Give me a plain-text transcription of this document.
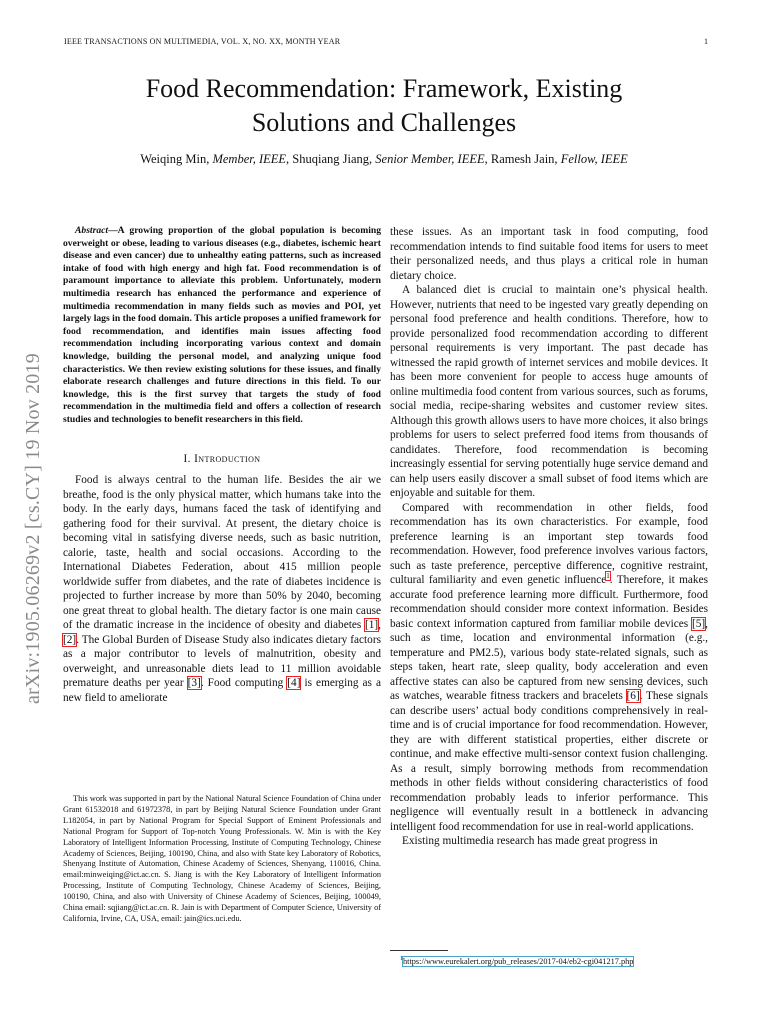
IEEE TRANSACTIONS ON MULTIMEDIA, VOL. X, NO. XX, MONTH YEAR	1
arXiv:1905.06269v2 [cs.CY] 19 Nov 2019
Food Recommendation: Framework, Existing
Solutions and Challenges
Weiqing Min, Member, IEEE, Shuqiang Jiang, Senior Member, IEEE, Ramesh Jain, Fellow, IEEE

Abstract—A growing proportion of the global population is becoming overweight or obese, leading to various diseases (e.g., diabetes, ischemic heart disease and even cancer) due to unhealthy eating patterns, such as increased intake of food with high energy and high fat. Food recommendation is of paramount importance to alleviate this problem. Unfortunately, modern multimedia research has enhanced the performance and experience of multimedia recommendation in many fields such as movies and POI, yet largely lags in the food domain. This article proposes a unified framework for food recommendation, and identifies main issues affecting food recommendation including incorporating various context and domain knowledge, building the personal model, and analyzing unique food characteristics. We then review existing solutions for these issues, and finally elaborate research challenges and future directions in this field. To our knowledge, this is the first survey that targets the study of food recommendation in the multimedia field and offers a collection of research studies and technologies to benefit researchers in this field.

I. Introduction

Food is always central to the human life. Besides the air we breathe, food is the only physical matter, which humans take into the body. In the early days, humans faced the task of identifying and gathering food for their survival. At present, the dietary choice is becoming vital in satisfying diverse needs, such as basic nutrition, calorie, taste, health and social occasions. According to the International Diabetes Federation, about 415 million people worldwide suffer from diabetes, and the rate of diabetes incidence is projected to further increase by more than 50% by 2040, becoming one great threat to global health. The dietary factor is one main cause of the dramatic increase in the incidence of obesity and diabetes [1], [2]. The Global Burden of Disease Study also indicates dietary factors as a major contributor to levels of malnutrition, obesity and overweight, and unreasonable diets lead to 11 million avoidable premature deaths per year [3]. Food computing [4] is emerging as a new field to ameliorate

This work was supported in part by the National Natural Science Foundation of China under Grant 61532018 and 61972378, in part by Beijing Natural Science Foundation under Grant L182054, in part by National Program for Special Support of Eminent Professionals and National Program for Support of Top-notch Young Professionals. W. Min is with the Key Laboratory of Intelligent Information Processing, Institute of Computing Technology, Chinese Academy of Sciences, Beijing, 100190, China, and also with State key Laboratory of Robotics, Shenyang Institute of Automation, Chinese Academy of Sciences, Shenyang, 110016, China. email:minweiqing@ict.ac.cn. S. Jiang is with the Key Laboratory of Intelligent Information Processing, Institute of Computing Technology, Chinese Academy of Sciences, Beijing, 100190, China, and also with University of Chinese Academy of Sciences, Beijing, 100049, China email: sqjiang@ict.ac.cn. R. Jain is with Department of Computer Science, University of California, Irvine, CA, USA, email: jain@ics.uci.edu.

these issues. As an important task in food computing, food recommendation intends to find suitable food items for users to meet their personalized needs, and thus plays a critical role in human dietary choice.

A balanced diet is crucial to maintain one’s physical health. However, nutrients that need to be ingested vary greatly depending on personal food preference and health conditions. Therefore, how to provide personalized food recommendation according to different personal requirements is very important. The past decade has witnessed the rapid growth of internet services and mobile devices. It has been more convenient for people to access huge amounts of online multimedia food content from various sources, such as forums, social media, recipe-sharing websites and customer review sites. Although this growth allows users to have more choices, it also brings problems for users to select preferred food items from thousands of candidates. Therefore, food recommendation is becoming increasingly essential for serving potentially huge service demand and can help users easily discover a small subset of food items which are enjoyable and suitable for them.

Compared with recommendation in other fields, food recommendation has its own characteristics. For example, food preference learning is an important step towards food recommendation. However, food preference involves various factors, such as taste preference, perceptive difference, cognitive restraint, cultural familiarity and even genetic influence$^1$. Therefore, it makes accurate food preference learning more difficult. Furthermore, food recommendation should consider more context information. Besides basic context information captured from familiar mobile devices [5], such as time, location and environmental information (e.g., temperature and PM2.5), various body state-related signals, such as steps taken, heart rate, sleep quality, body acceleration and even affective states can also be captured from new sensing devices, such as watches, wearable fitness trackers and bracelets [6]. These signals can describe users’ actual body conditions comprehensively in real-time and is of crucial importance for food recommendation. However, they are with different statistical properties, either discrete or continue, and make effective multi-sensor context fusion challenging. As a result, simply borrowing methods from recommendation methods in other fields without considering characteristics of food recommendation probably leads to inferior performance. This negligence will eventually result in a bottleneck in advancing intelligent food recommendation for use in real-world applications.

Existing multimedia research has made great progress in

$^1$https://www.eurekalert.org/pub_releases/2017-04/eb2-cgi041217.php
